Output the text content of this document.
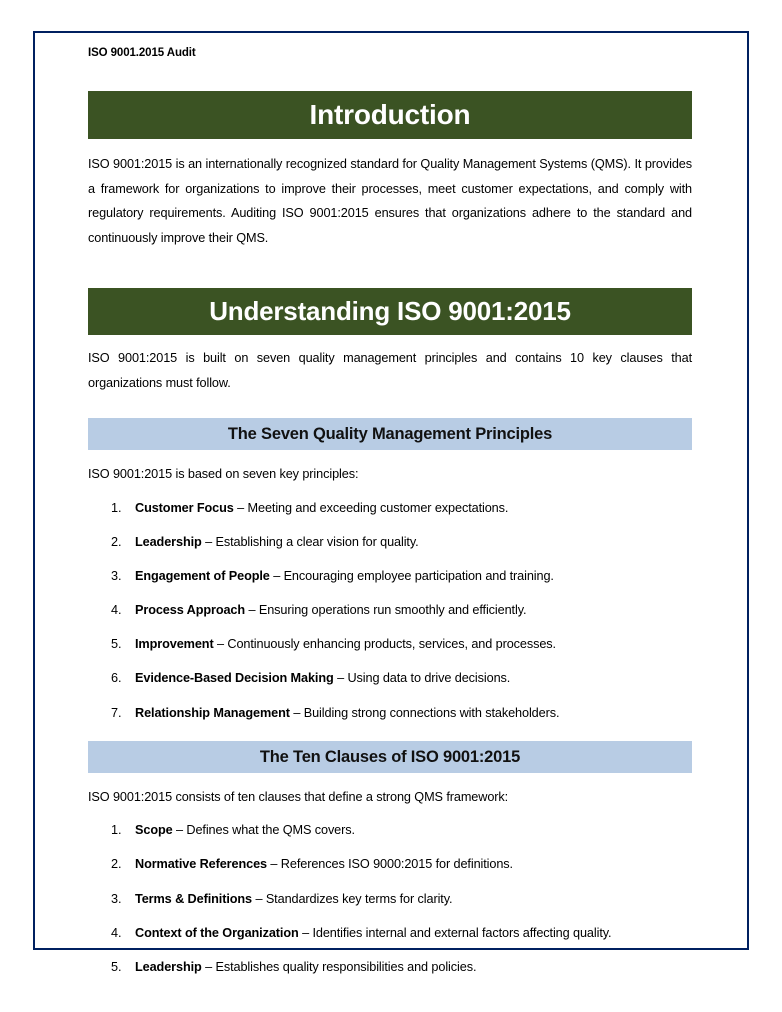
ISO 9001.2015 Audit
Introduction

ISO 9001:2015 is an internationally recognized standard for Quality Management Systems (QMS). It provides a framework for organizations to improve their processes, meet customer expectations, and comply with regulatory requirements. Auditing ISO 9001:2015 ensures that organizations adhere to the standard and continuously improve their QMS.

Understanding ISO 9001:2015

ISO 9001:2015 is built on seven quality management principles and contains 10 key clauses that organizations must follow.

The Seven Quality Management Principles

ISO 9001:2015 is based on seven key principles:

1.	Customer Focus – Meeting and exceeding customer expectations.
2.	Leadership – Establishing a clear vision for quality.
3.	Engagement of People – Encouraging employee participation and training.
4.	Process Approach – Ensuring operations run smoothly and efficiently.
5.	Improvement – Continuously enhancing products, services, and processes.
6.	Evidence-Based Decision Making – Using data to drive decisions.
7.	Relationship Management – Building strong connections with stakeholders.
The Ten Clauses of ISO 9001:2015

ISO 9001:2015 consists of ten clauses that define a strong QMS framework:

1.	Scope – Defines what the QMS covers.
2.	Normative References – References ISO 9000:2015 for definitions.
3.	Terms & Definitions – Standardizes key terms for clarity.
4.	Context of the Organization – Identifies internal and external factors affecting quality.
5.	Leadership – Establishes quality responsibilities and policies.
